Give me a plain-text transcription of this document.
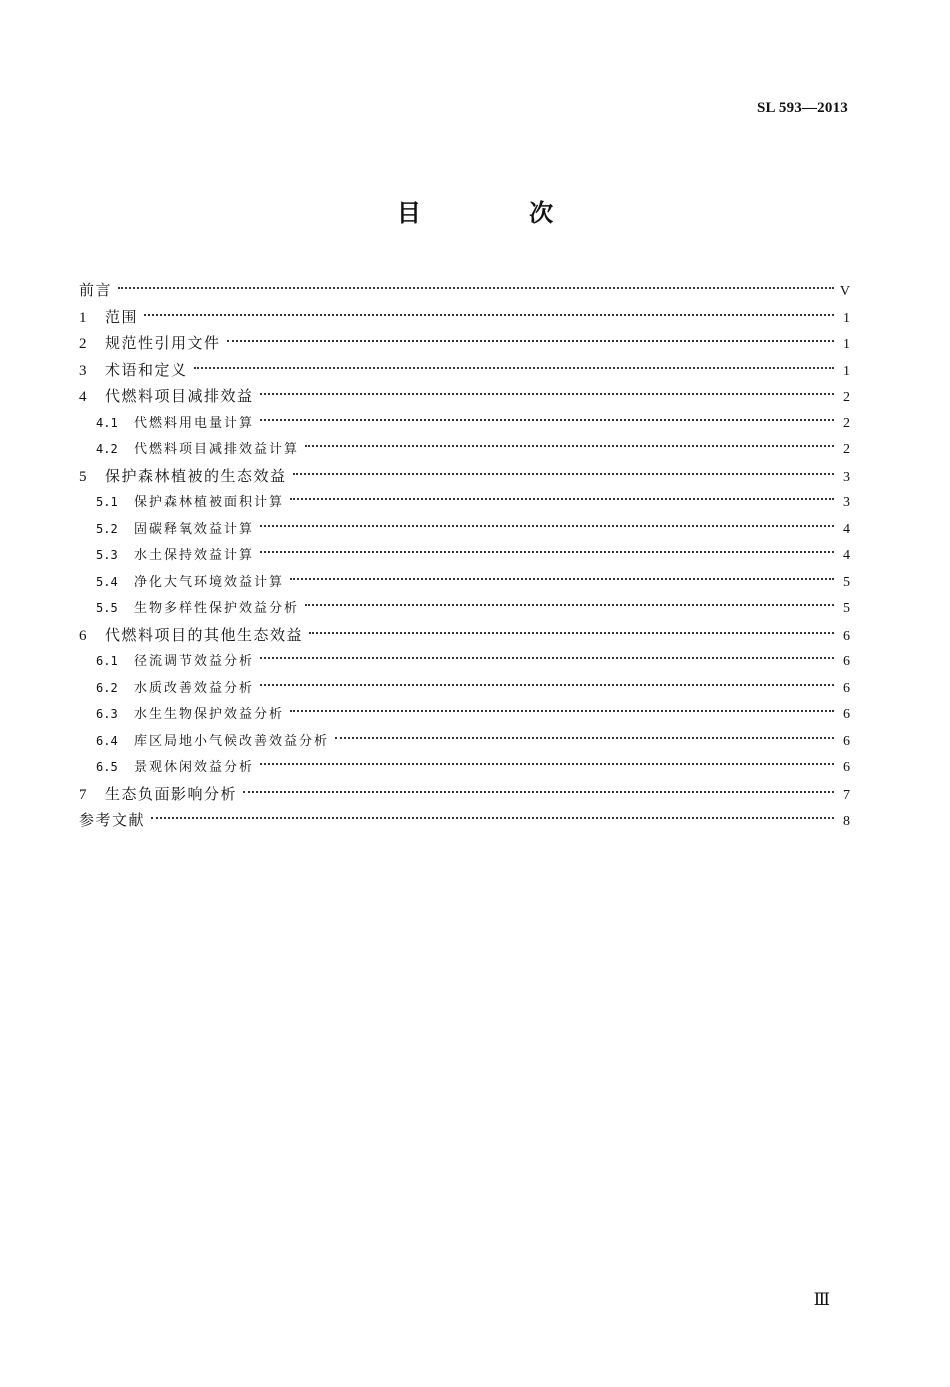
SL 593—2013
目 次
前言	V
1	范围	1
2	规范性引用文件	1
3	术语和定义	1
4	代燃料项目减排效益	2
4.1	代燃料用电量计算	2
4.2	代燃料项目减排效益计算	2
5	保护森林植被的生态效益	3
5.1	保护森林植被面积计算	3
5.2	固碳释氧效益计算	4
5.3	水土保持效益计算	4
5.4	净化大气环境效益计算	5
5.5	生物多样性保护效益分析	5
6	代燃料项目的其他生态效益	6
6.1	径流调节效益分析	6
6.2	水质改善效益分析	6
6.3	水生生物保护效益分析	6
6.4	库区局地小气候改善效益分析	6
6.5	景观休闲效益分析	6
7	生态负面影响分析	7
参考文献	8
Ⅲ
